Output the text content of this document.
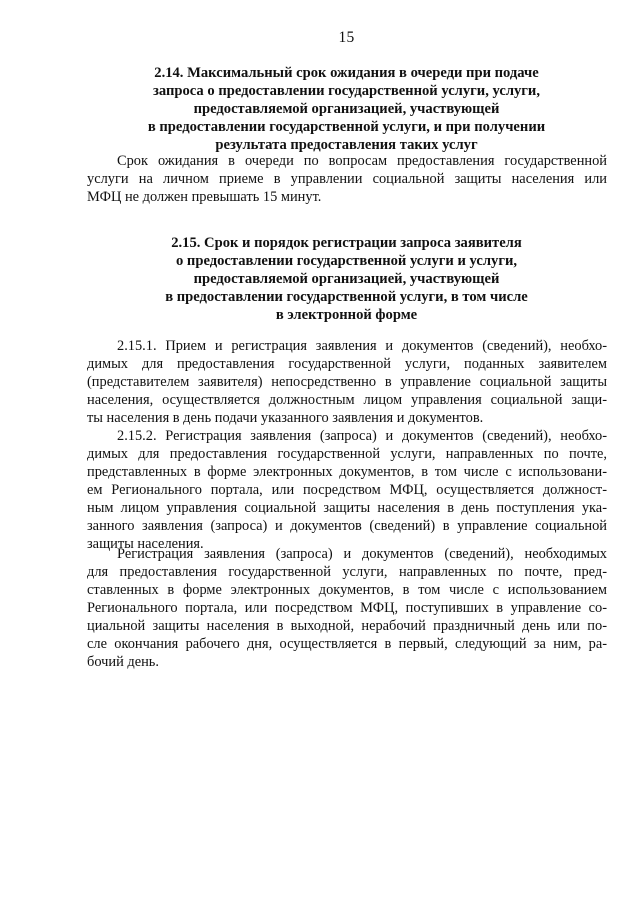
15
2.14. Максимальный срок ожидания в очереди при подаче
запроса о предоставлении государственной услуги, услуги,
предоставляемой организацией, участвующей
в предоставлении государственной услуги, и при получении
результата предоставления таких услуг
Срок ожидания в очереди по вопросам предоставления государственной
услуги на личном приеме в управлении социальной защиты населения или
МФЦ не должен превышать 15 минут.
2.15. Срок и порядок регистрации запроса заявителя
о предоставлении государственной услуги и услуги,
предоставляемой организацией, участвующей
в предоставлении государственной услуги, в том числе
в электронной форме
2.15.1. Прием и регистрация заявления и документов (сведений), необхо-
димых для предоставления государственной услуги, поданных заявителем
(представителем заявителя) непосредственно в управление социальной защиты
населения, осуществляется должностным лицом управления социальной защи-
ты населения в день подачи указанного заявления и документов.
2.15.2. Регистрация заявления (запроса) и документов (сведений), необхо-
димых для предоставления государственной услуги, направленных по почте,
представленных в форме электронных документов, в том числе с использовани-
ем Регионального портала, или посредством МФЦ, осуществляется должност-
ным лицом управления социальной защиты населения в день поступления ука-
занного заявления (запроса) и документов (сведений) в управление социальной
защиты населения.
Регистрация заявления (запроса) и документов (сведений), необходимых
для предоставления государственной услуги, направленных по почте, пред-
ставленных в форме электронных документов, в том числе с использованием
Регионального портала, или посредством МФЦ, поступивших в управление со-
циальной защиты населения в выходной, нерабочий праздничный день или по-
сле окончания рабочего дня, осуществляется в первый, следующий за ним, ра-
бочий день.
